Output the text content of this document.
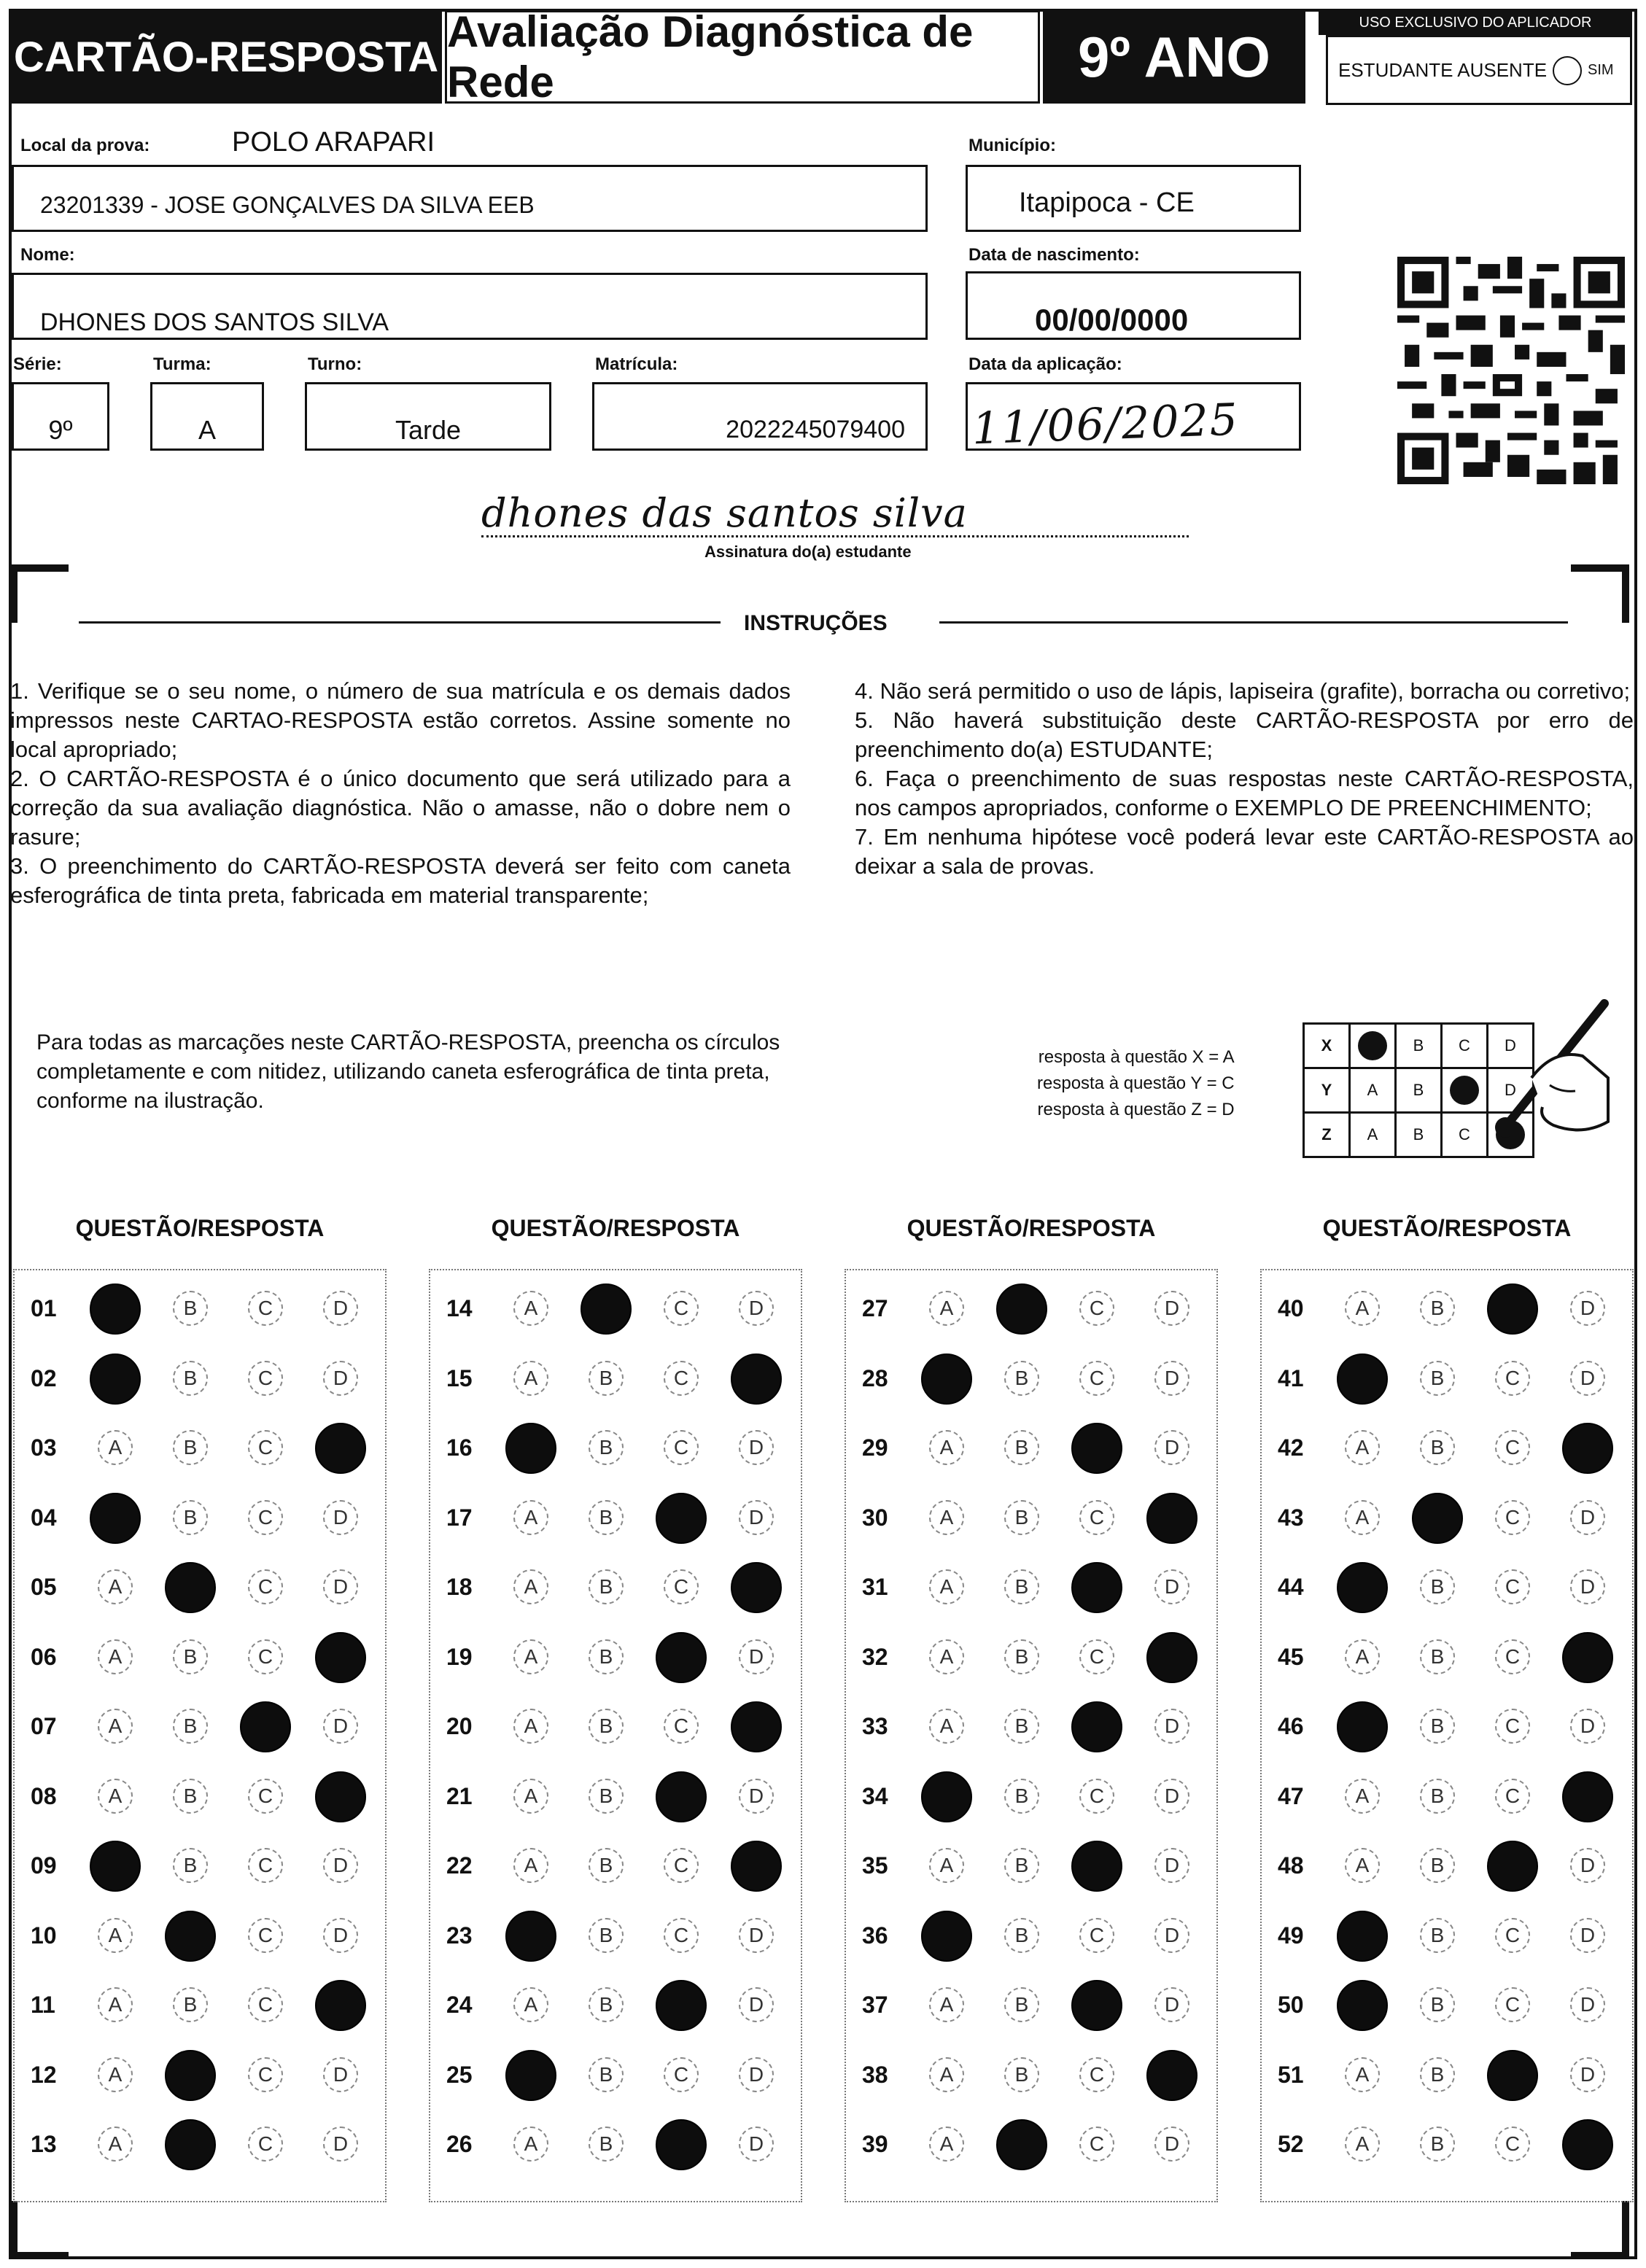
CARTÃO-RESPOSTA
Avaliação Diagnóstica de Rede	9º ANO
USO EXCLUSIVO DO APLICADOR
ESTUDANTE AUSENTE	SIM
Local da prova:	POLO ARAPARI
23201339 - JOSE GONÇALVES DA SILVA EEB
Município:
Itapipoca - CE
Nome:
DHONES DOS SANTOS SILVA
Data de nascimento:
00/00/0000
Série:
9º
Turma:
A
Turno:
Tarde
Matrícula:
2022245079400
Data da aplicação:
11/06/2025
dhones das santos silva
Assinatura do(a) estudante
INSTRUÇÕES

1. Verifique se o seu nome, o número de sua matrícula e os demais dados impressos neste CARTAO-RESPOSTA estão corretos. Assine somente no local apropriado;

2. O CARTÃO-RESPOSTA é o único documento que será utilizado para a correção da sua avaliação diagnóstica. Não o amasse, não o dobre nem o rasure;

3. O preenchimento do CARTÃO-RESPOSTA deverá ser feito com caneta esferográfica de tinta preta, fabricada em material transparente;

4. Não será permitido o uso de lápis, lapiseira (grafite), borracha ou corretivo;

5. Não haverá substituição deste CARTÃO-RESPOSTA por erro de preenchimento do(a) ESTUDANTE;

6. Faça o preenchimento de suas respostas neste CARTÃO-RESPOSTA, nos campos apropriados, conforme o EXEMPLO DE PREENCHIMENTO;

7. Em nenhuma hipótese você poderá levar este CARTÃO-RESPOSTA ao deixar a sala de provas.

Para todas as marcações neste CARTÃO-RESPOSTA, preencha os círculos completamente e com nitidez, utilizando caneta esferográfica de tinta preta, conforme na ilustração.
resposta à questão X = A
resposta à questão Y = C
resposta à questão Z = D
X		B	C	D
Y	A	B		D
Z	A	B	C	
QUESTÃO/RESPOSTA
01	B	C	D
02	B	C	D
03	A	B	C
04	B	C	D
05	A	C	D
06	A	B	C
07	A	B	D
08	A	B	C
09	B	C	D
10	A	C	D
11	A	B	C
12	A	C	D
13	A	C	D
QUESTÃO/RESPOSTA
14	A	C	D
15	A	B	C
16	B	C	D
17	A	B	D
18	A	B	C
19	A	B	D
20	A	B	C
21	A	B	D
22	A	B	C
23	B	C	D
24	A	B	D
25	B	C	D
26	A	B	D
QUESTÃO/RESPOSTA
27	A	C	D
28	B	C	D
29	A	B	D
30	A	B	C
31	A	B	D
32	A	B	C
33	A	B	D
34	B	C	D
35	A	B	D
36	B	C	D
37	A	B	D
38	A	B	C
39	A	C	D
QUESTÃO/RESPOSTA
40	A	B	D
41	B	C	D
42	A	B	C
43	A	C	D
44	B	C	D
45	A	B	C
46	B	C	D
47	A	B	C
48	A	B	D
49	B	C	D
50	B	C	D
51	A	B	D
52	A	B	C
